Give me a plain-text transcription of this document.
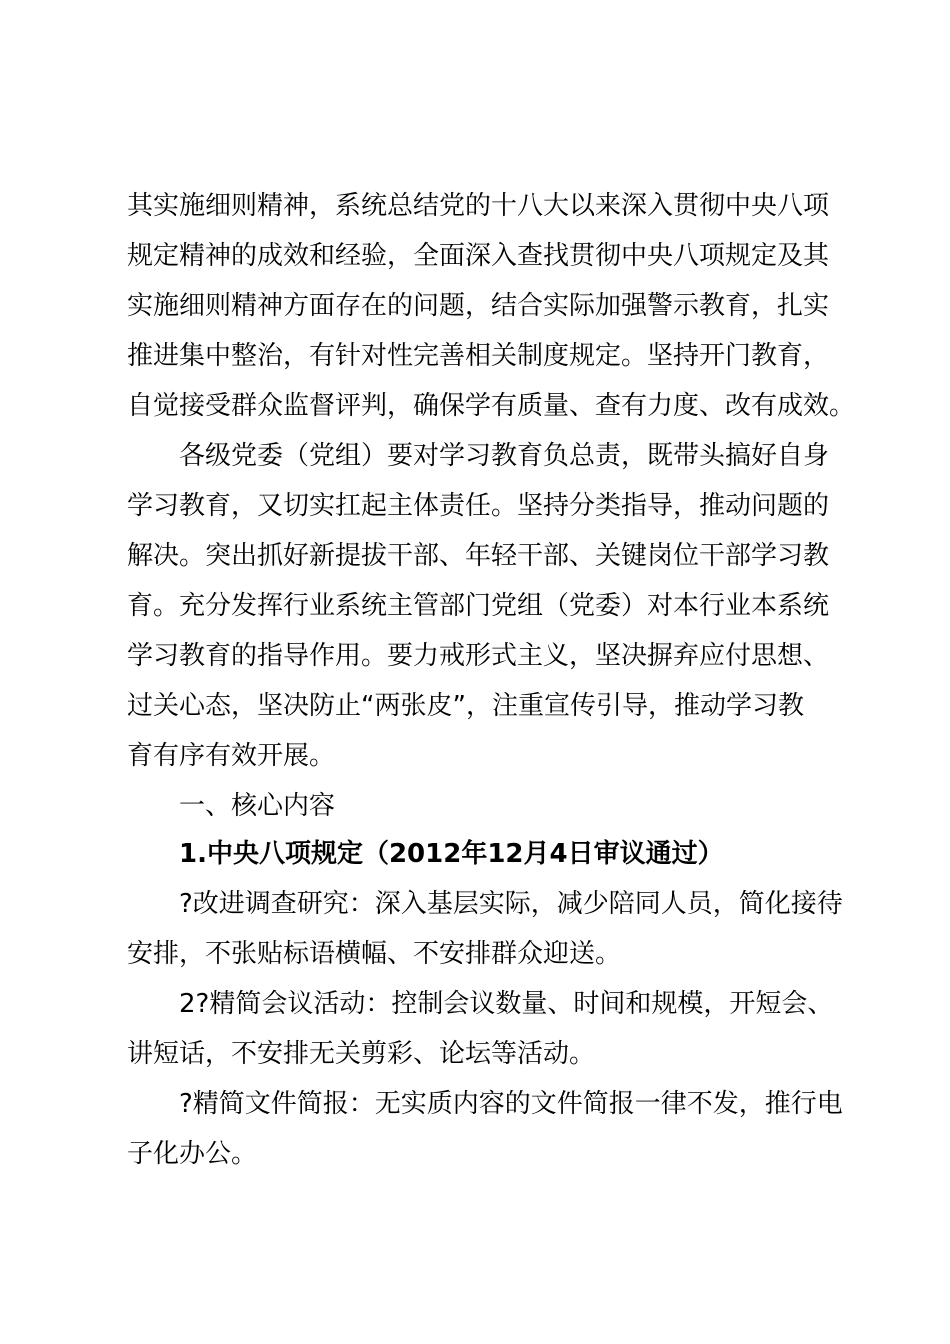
其实施细则精神，系统总结党的十八大以来深入贯彻中央八项
规定精神的成效和经验，全面深入查找贯彻中央八项规定及其
实施细则精神方面存在的问题，结合实际加强警示教育，扎实
推进集中整治，有针对性完善相关制度规定。坚持开门教育，
自觉接受群众监督评判，确保学有质量、查有力度、改有成效。
各级党委（党组）要对学习教育负总责，既带头搞好自身
学习教育，又切实扛起主体责任。坚持分类指导，推动问题的
解决。突出抓好新提拔干部、年轻干部、关键岗位干部学习教
育。充分发挥行业系统主管部门党组（党委）对本行业本系统
学习教育的指导作用。要力戒形式主义，坚决摒弃应付思想、
过关心态，坚决防止“两张皮”，注重宣传引导，推动学习教
育有序有效开展。
一、核心内容
1.中央八项规定（2012年12月4日审议通过）
?改进调查研究：深入基层实际，减少陪同人员，简化接待
安排，不张贴标语横幅、不安排群众迎送。
2?精简会议活动：控制会议数量、时间和规模，开短会、
讲短话，不安排无关剪彩、论坛等活动。
?精简文件简报：无实质内容的文件简报一律不发，推行电
子化办公。
